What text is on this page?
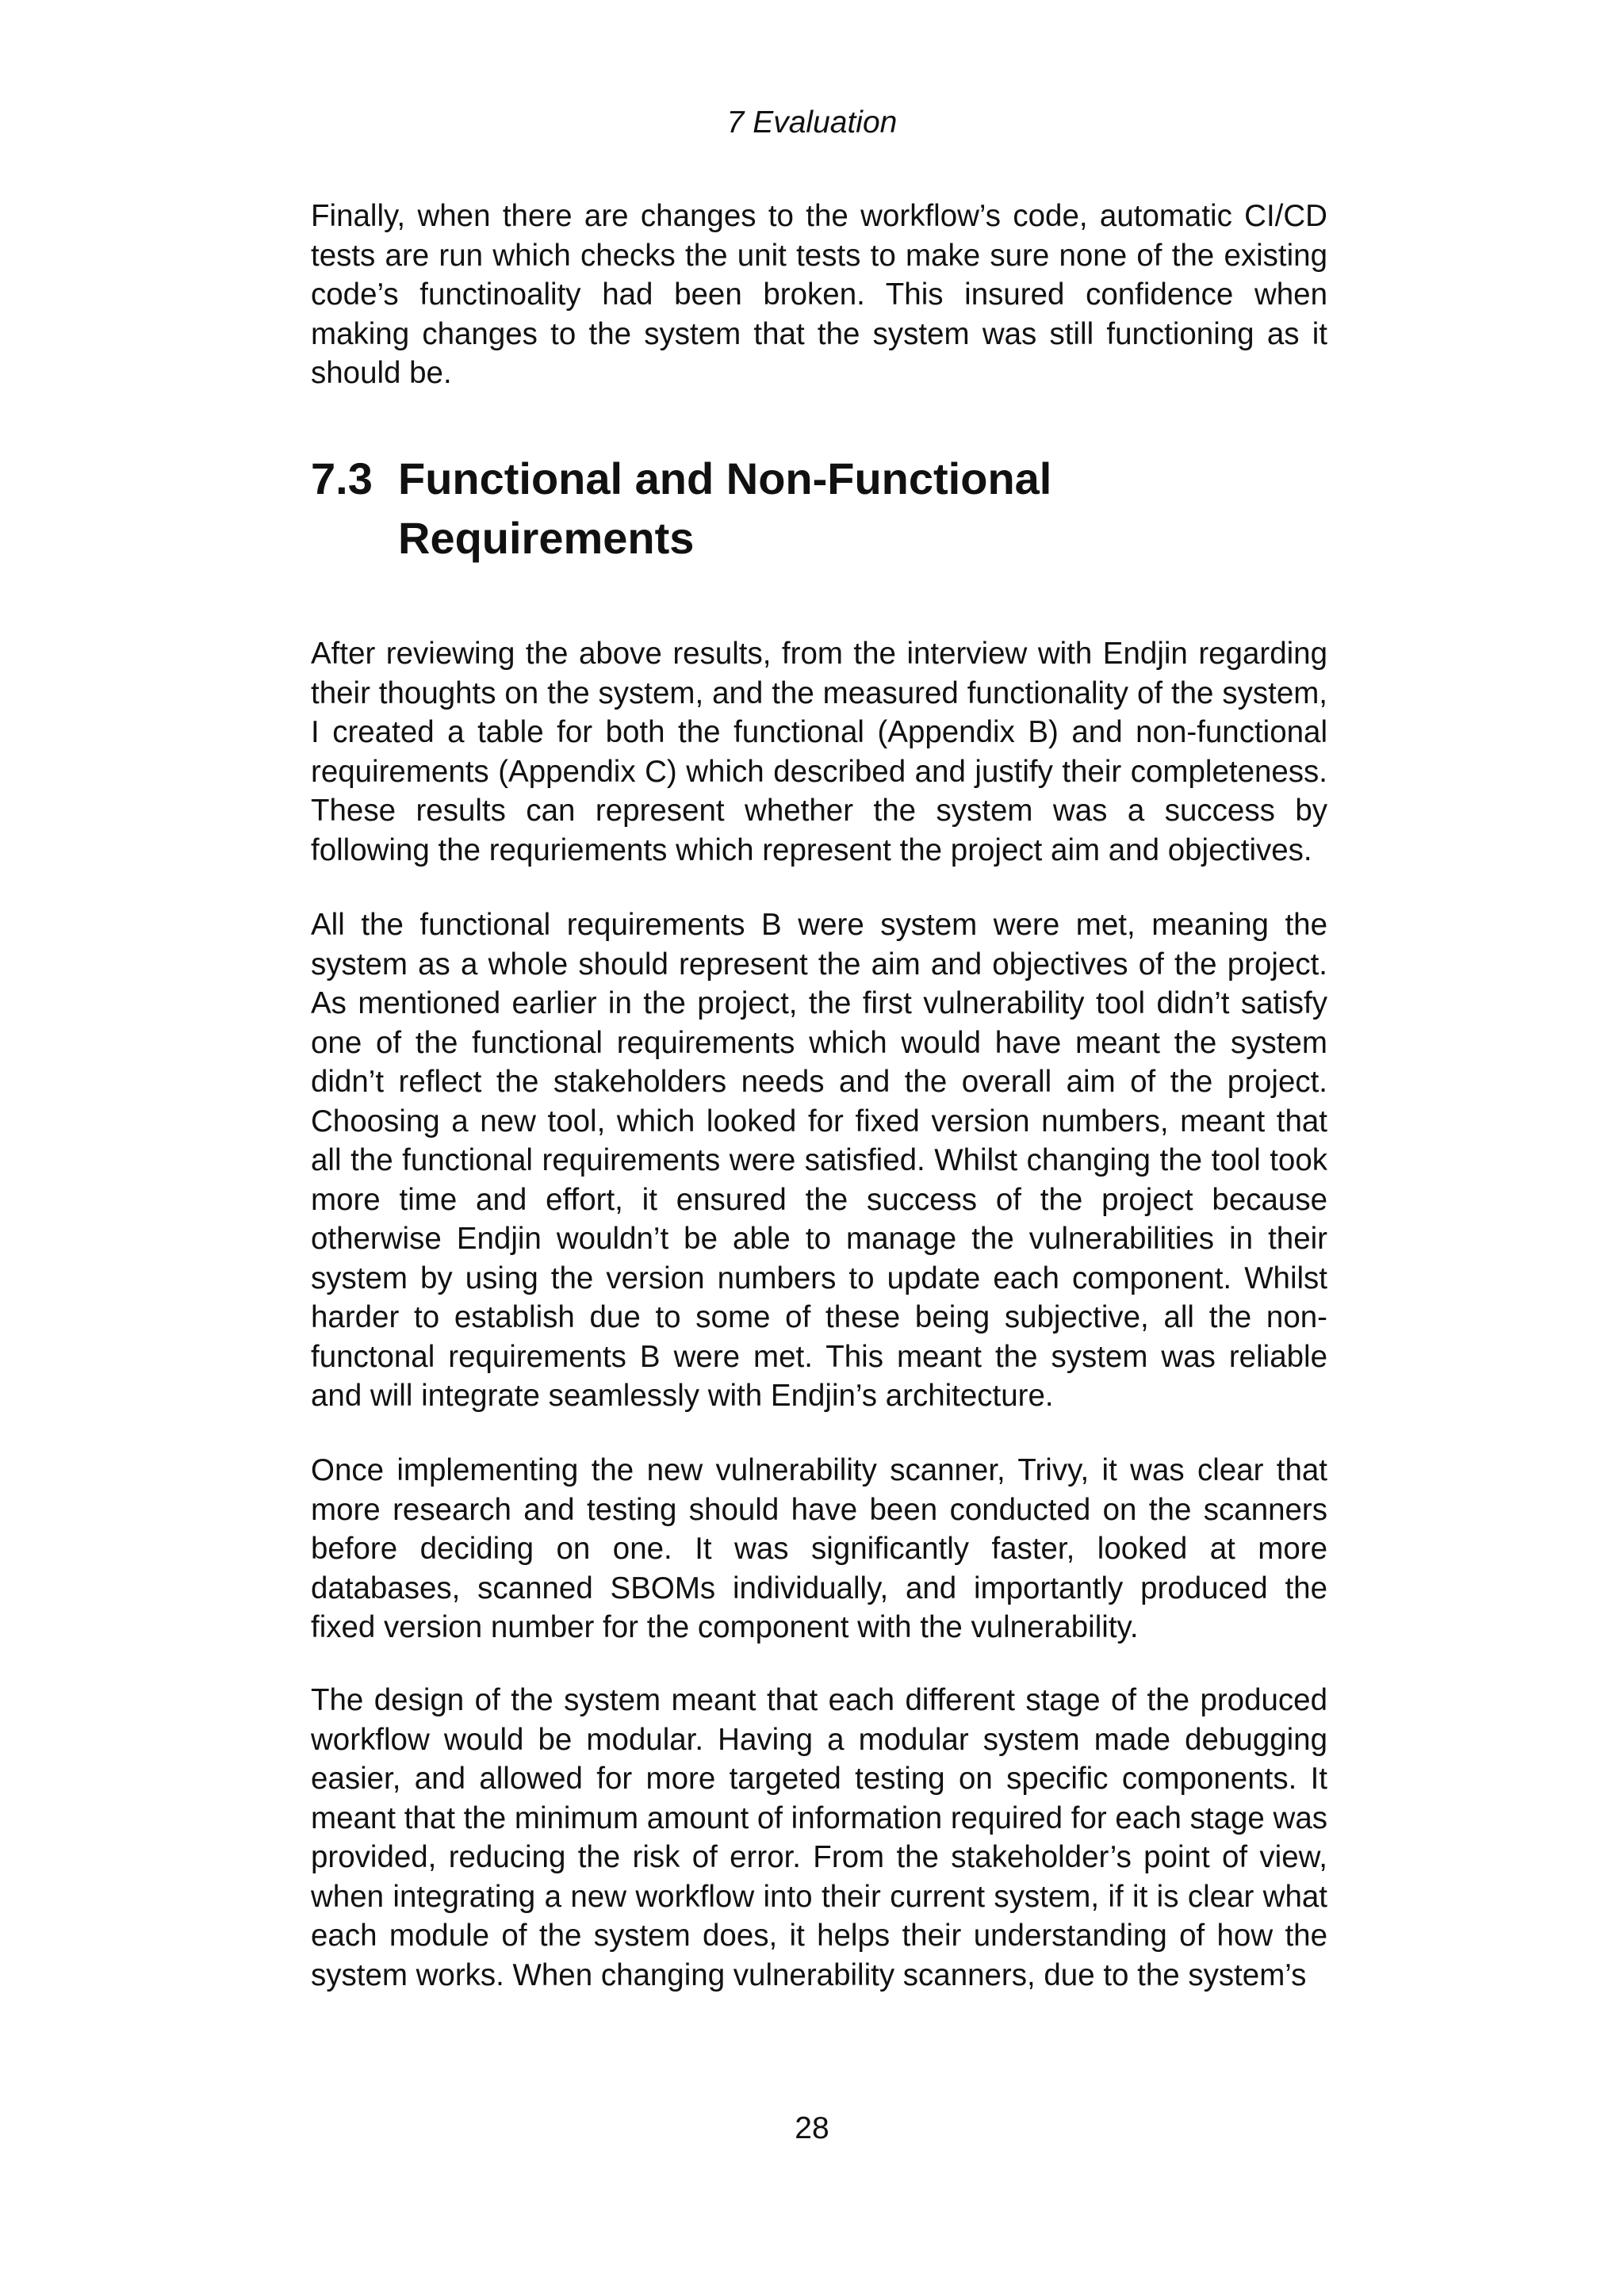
7 Evaluation

Finally, when there are changes to the workflow’s code, automatic CI/CD tests are run which checks the unit tests to make sure none of the existing code’s functinoality had been broken. This insured confidence when making changes to the system that the system was still functioning as it should be.

7.3 Functional and Non-Functional Requirements

After reviewing the above results, from the interview with Endjin regarding their thoughts on the system, and the measured functionality of the system, I created a table for both the functional (Appendix B) and non-functional requirements (Appendix C) which described and justify their completeness. These results can represent whether the system was a success by following the requriements which represent the project aim and objectives.

All the functional requirements B were system were met, meaning the system as a whole should represent the aim and objectives of the project. As mentioned earlier in the project, the first vulnerability tool didn’t satisfy one of the functional requirements which would have meant the system didn’t reflect the stakeholders needs and the overall aim of the project. Choosing a new tool, which looked for fixed version numbers, meant that all the functional requirements were satisfied. Whilst changing the tool took more time and effort, it ensured the success of the project because otherwise Endjin wouldn’t be able to manage the vulnerabilities in their system by using the version numbers to update each component. Whilst harder to establish due to some of these being subjective, all the non-functonal requirements B were met. This meant the system was reliable and will integrate seamlessly with Endjin’s architecture.

Once implementing the new vulnerability scanner, Trivy, it was clear that more research and testing should have been conducted on the scanners before deciding on one. It was significantly faster, looked at more databases, scanned SBOMs individually, and importantly produced the fixed version number for the component with the vulnerability.

The design of the system meant that each different stage of the produced workflow would be modular. Having a modular system made debugging easier, and allowed for more targeted testing on specific components. It meant that the minimum amount of information required for each stage was provided, reducing the risk of error. From the stakeholder’s point of view, when integrating a new workflow into their current system, if it is clear what each module of the system does, it helps their understanding of how the system works. When changing vulnerability scanners, due to the system’s

28
